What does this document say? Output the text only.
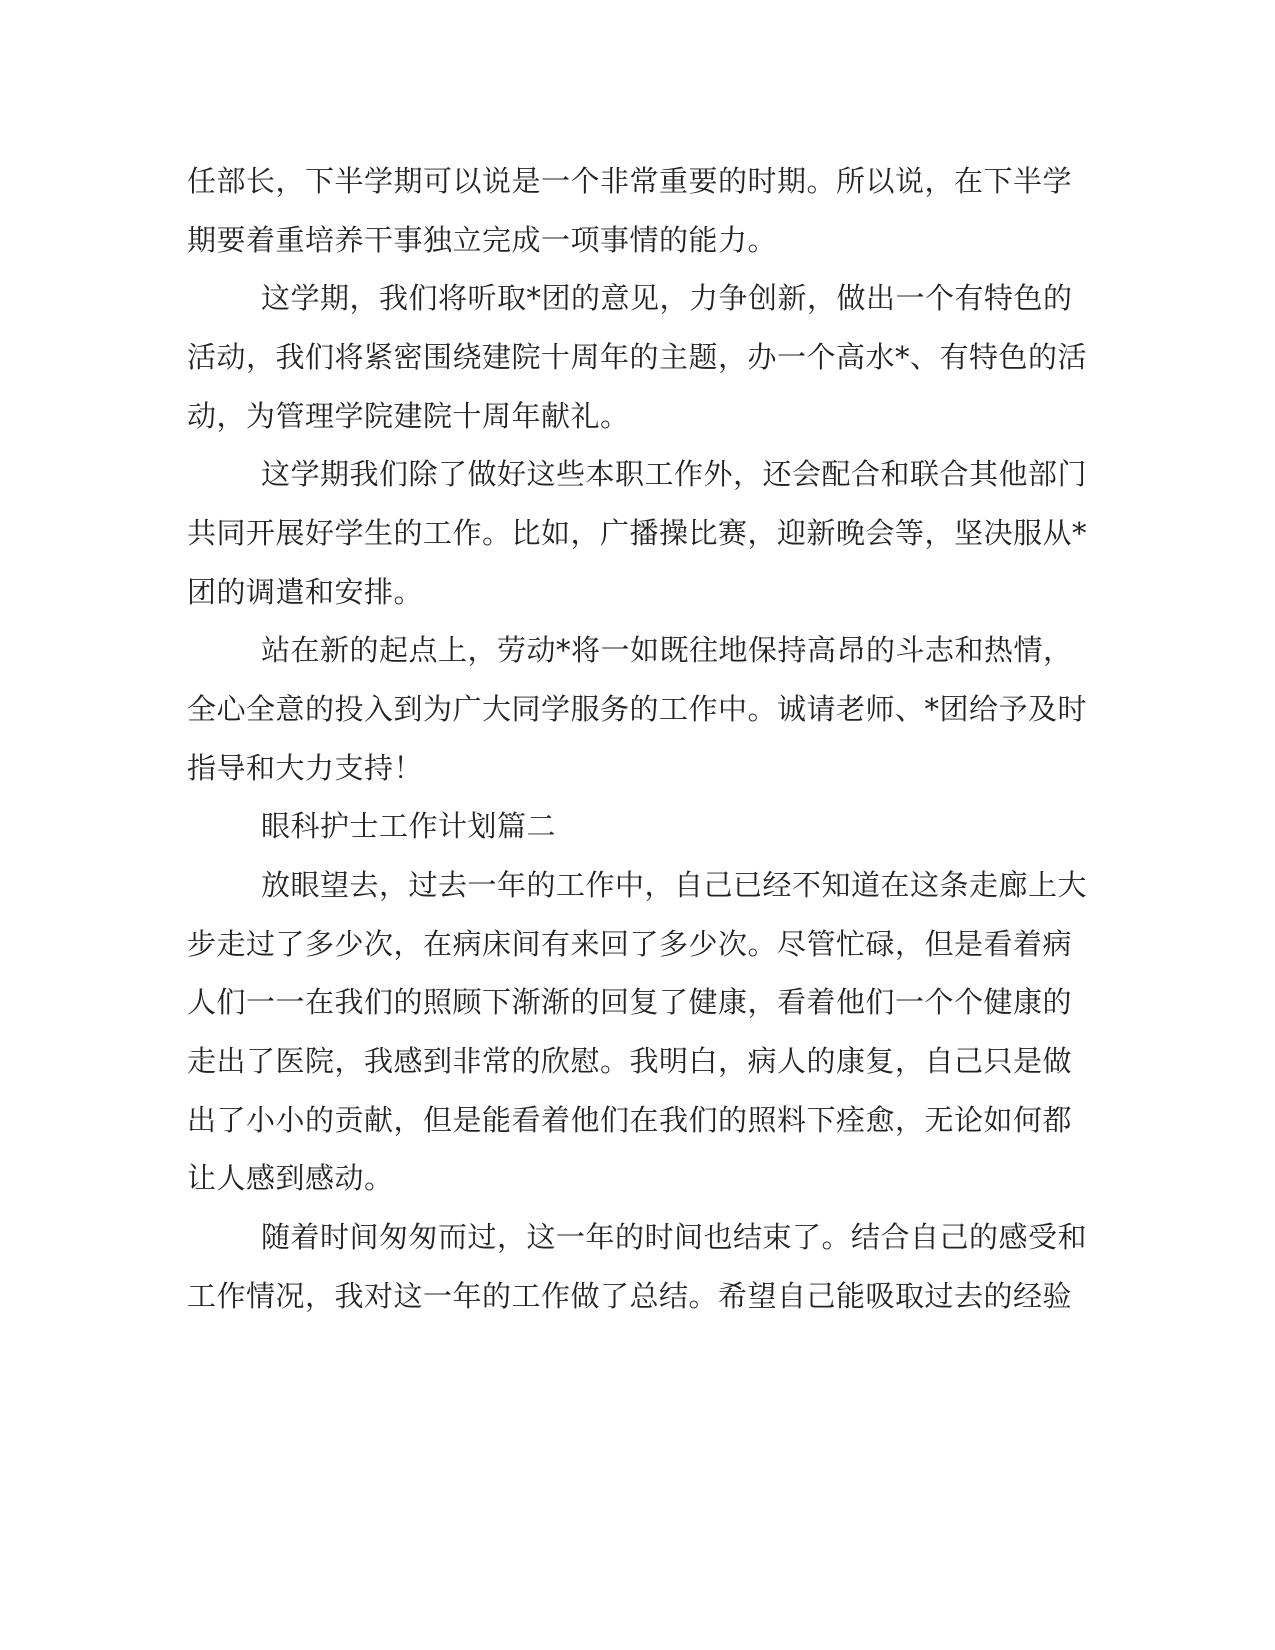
任部长，下半学期可以说是一个非常重要的时期。所以说，在下半学
期要着重培养干事独立完成一项事情的能力。
这学期，我们将听取*团的意见，力争创新，做出一个有特色的
活动，我们将紧密围绕建院十周年的主题，办一个高水*、有特色的活
动，为管理学院建院十周年献礼。
这学期我们除了做好这些本职工作外，还会配合和联合其他部门
共同开展好学生的工作。比如，广播操比赛，迎新晚会等，坚决服从*
团的调遣和安排。
站在新的起点上，劳动*将一如既往地保持高昂的斗志和热情，
全心全意的投入到为广大同学服务的工作中。诚请老师、*团给予及时
指导和大力支持！
眼科护士工作计划篇二
放眼望去，过去一年的工作中，自己已经不知道在这条走廊上大
步走过了多少次，在病床间有来回了多少次。尽管忙碌，但是看着病
人们一一在我们的照顾下渐渐的回复了健康，看着他们一个个健康的
走出了医院，我感到非常的欣慰。我明白，病人的康复，自己只是做
出了小小的贡献，但是能看着他们在我们的照料下痊愈，无论如何都
让人感到感动。
随着时间匆匆而过，这一年的时间也结束了。结合自己的感受和
工作情况，我对这一年的工作做了总结。希望自己能吸取过去的经验
